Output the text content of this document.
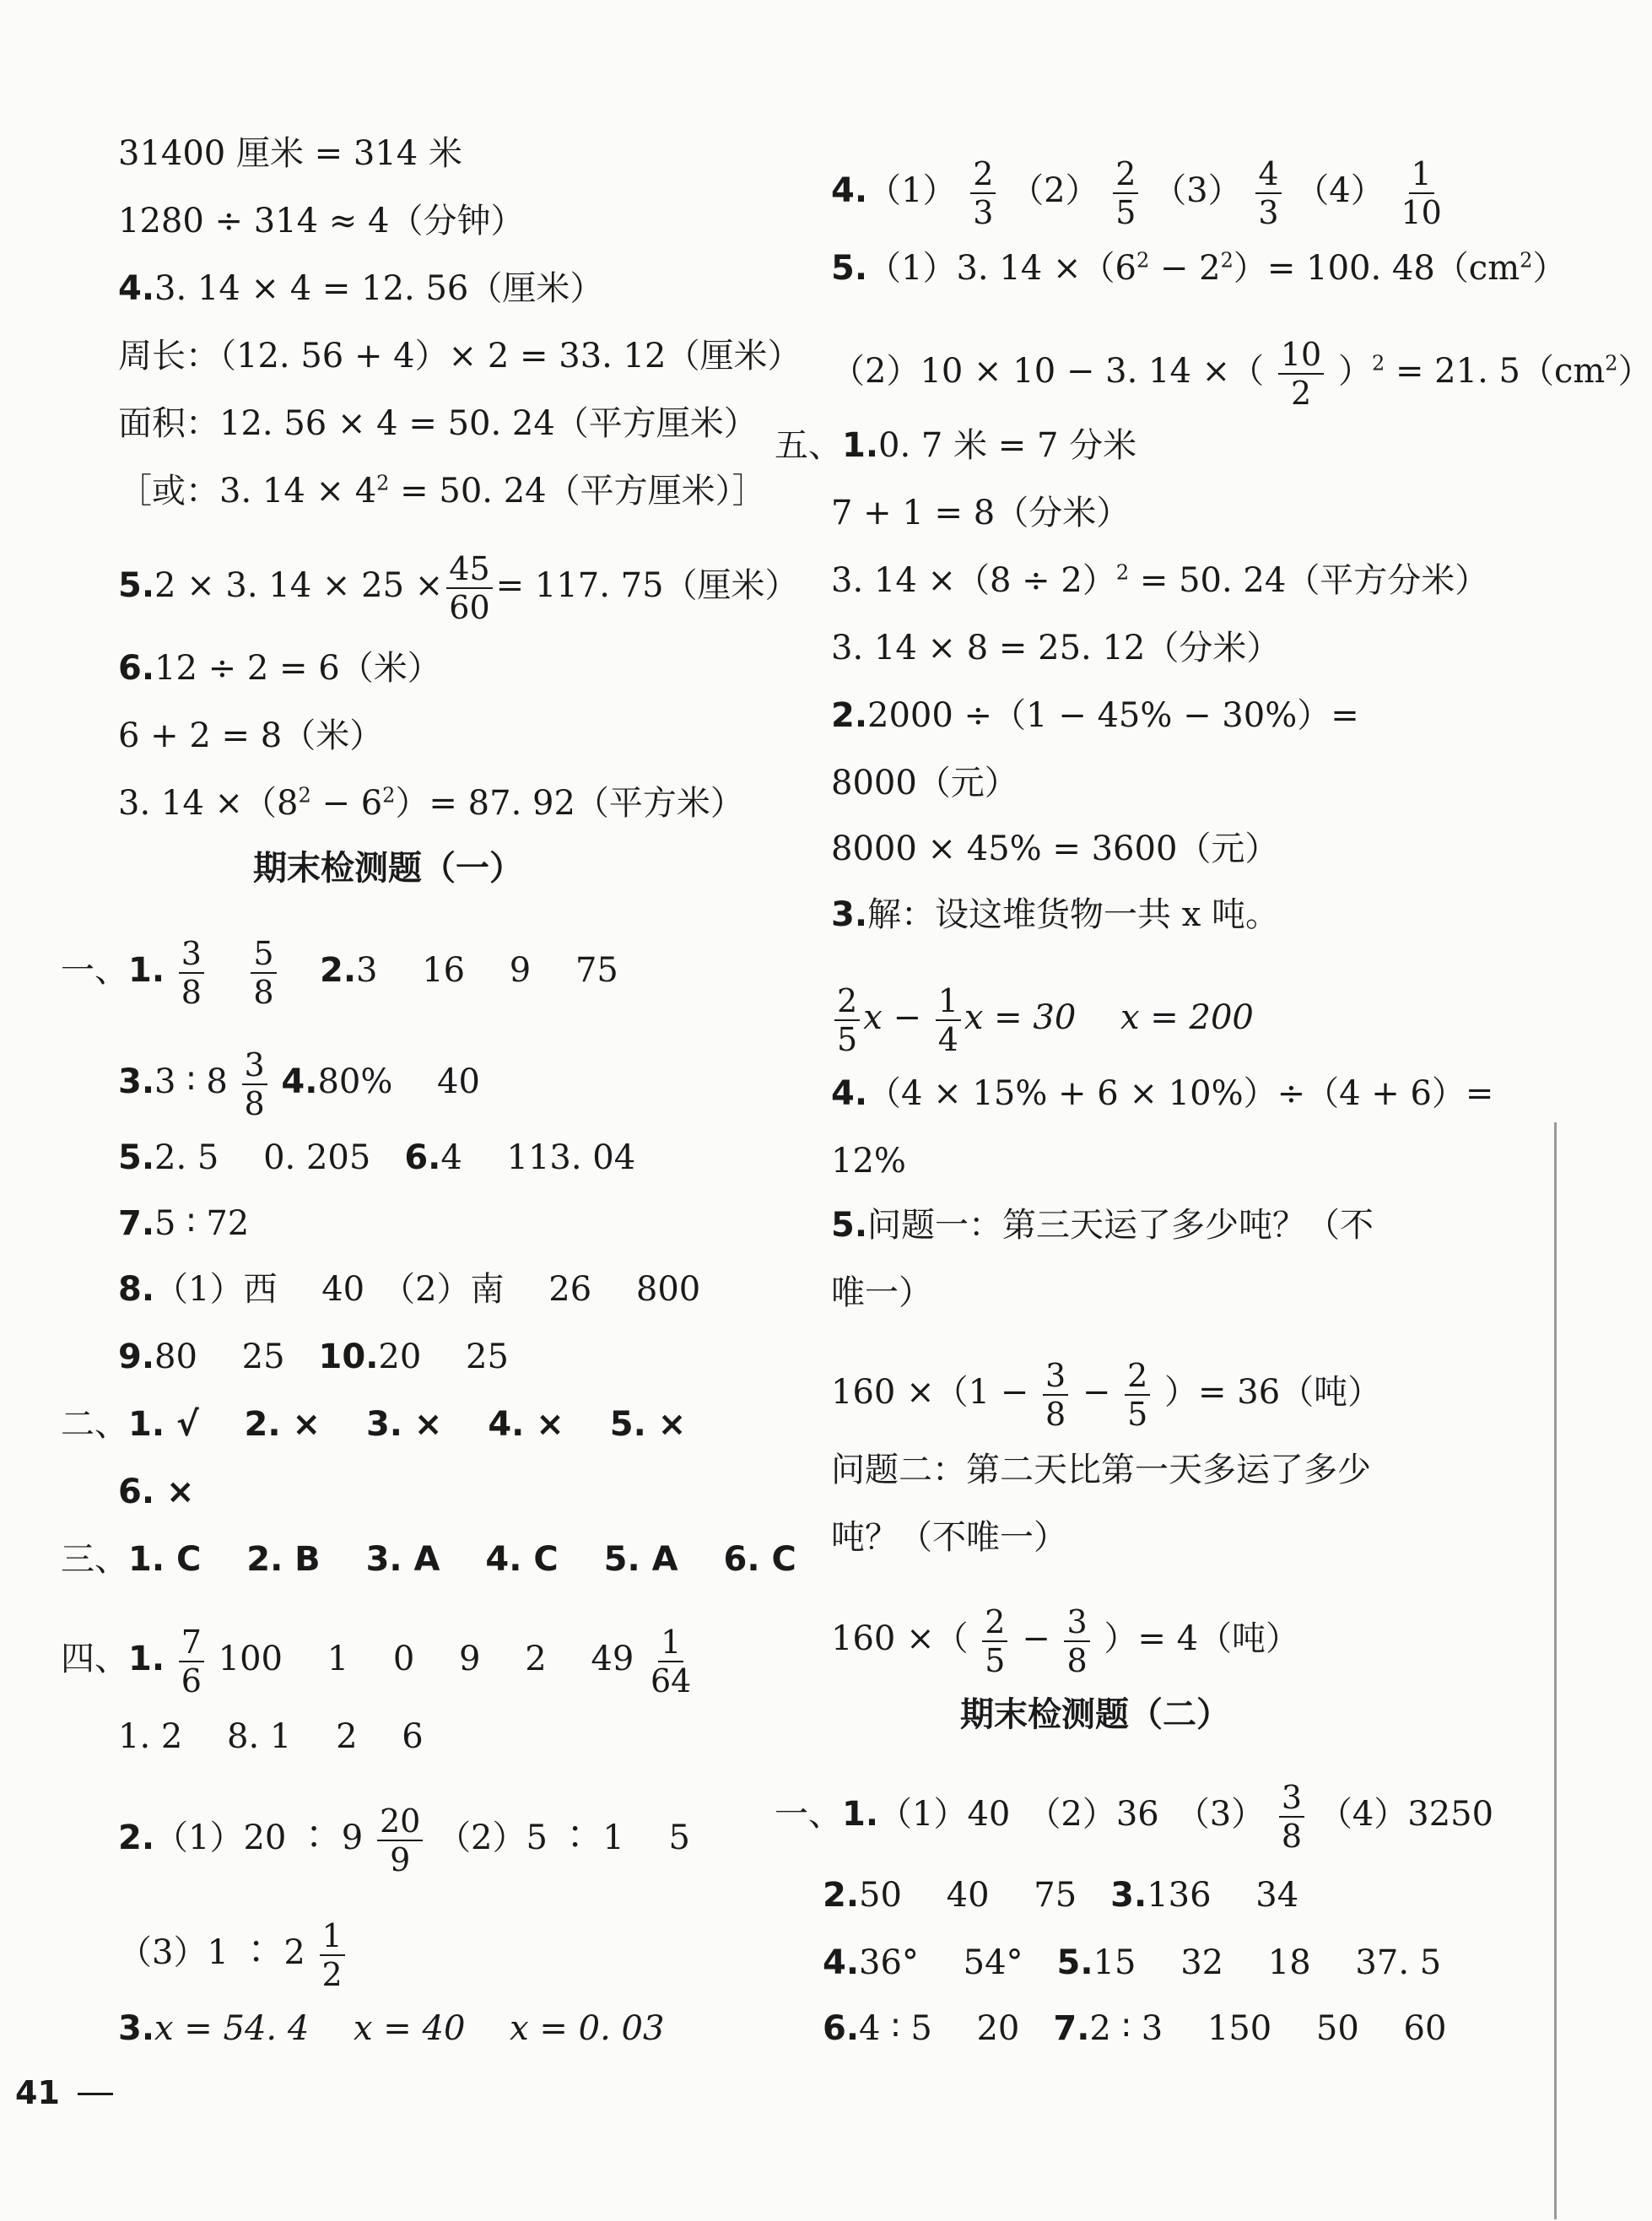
31400 厘米 = 314 米
1280 ÷ 314 ≈ 4（分钟）
4.3. 14 × 4 = 12. 56（厘米）
周长：（12. 56 + 4）× 2 = 33. 12（厘米）
面积：12. 56 × 4 = 50. 24（平方厘米）
［或：3. $14 \times 4^2 = 50$. 24（平方厘米）］
5.2 × 3. $14 \times 25 \times \frac{45}{60} = 117$. 75（厘米）
6.12 ÷ 2 = 6（米）
6 + 2 = 8（米）
3. $14 \times(8^2 - 6^2)= 87$. 92（平方米）
期末检测题（一）
一、1. $\frac{3}{8}$
$\frac{5}{8} 2.3$　 16　 9　 75
3.3 ∶ $8 \frac{3}{8} 4.80\%$　 40
5.2. 5　 0. 205　 6.4　 113. 04
7.5 ∶ 72
8.（1）西　 40　（2）南　 26　 800
9.80　 25　 10.20　 25
二、1. √　 2. ×　 3. ×　 4. ×　 5. ×
6. ×
三、1. C　 2. B　 3. A　 4. C　 5. A　 6. C
四、1. $\frac{7}{6} 100$　 1　 0　 9　 2　 $49 \frac{1}{64}$
1. 2　 8. 1　 2　 6
2.（1）20 ∶ $9 \frac{20}{9} (2)5$ ∶ 1　 5
（3）1 ∶ $2 \frac{1}{2}$
3.x = 54. 4　 x = 40　 x = 0. 03
$4.(1) \frac{2}{3} (2) \frac{2}{5} (3) \frac{4}{3} (4) \frac{1}{10}$
5.（1）3. $14 \times(6^2 - 2^2)= 100$. $48(cm^2)$
（2）10 × 10 − 3. 14 ×（ $\frac{10}{2} )^2 = 21$. $5(cm^2)$
五、1.0. 7 米 = 7 分米
7 + 1 = 8（分米）
3. $14 \times(8 \div 2)^2 = 50$. 24（平方分米）
3. 14 × 8 = 25. 12（分米）
2.2000 ÷（1 − 45% − 30%）=
8000（元）
8000 × 45% = 3600（元）
3.解：设这堆货物一共 x 吨。
$\frac{2}{5}$ $x - \frac{1}{4}$ x = 30　 x = 200
4.（4 × 15% + 6 × 10%）÷（4 + 6）=
12%
5.问题一：第三天运了多少吨？（不
唯一）
$160 \times(1 - \frac{3}{8} - \frac{2}{5}$ ）= 36（吨）
问题二：第二天比第一天多运了多少
吨？（不唯一）
160 ×（ $\frac{2}{5} - \frac{3}{8}$ ）= 4（吨）
期末检测题（二）
一、1.（1）40　（2）36　$(3) \frac{3}{8} (4)3250$
2.50　 40　 75　 3.136　 34
4.36°　 54°　 5.15　 32　 18　 37. 5
6.4 ∶ 5　 20　 7.2 ∶ 3　 150　 50　 60
41
